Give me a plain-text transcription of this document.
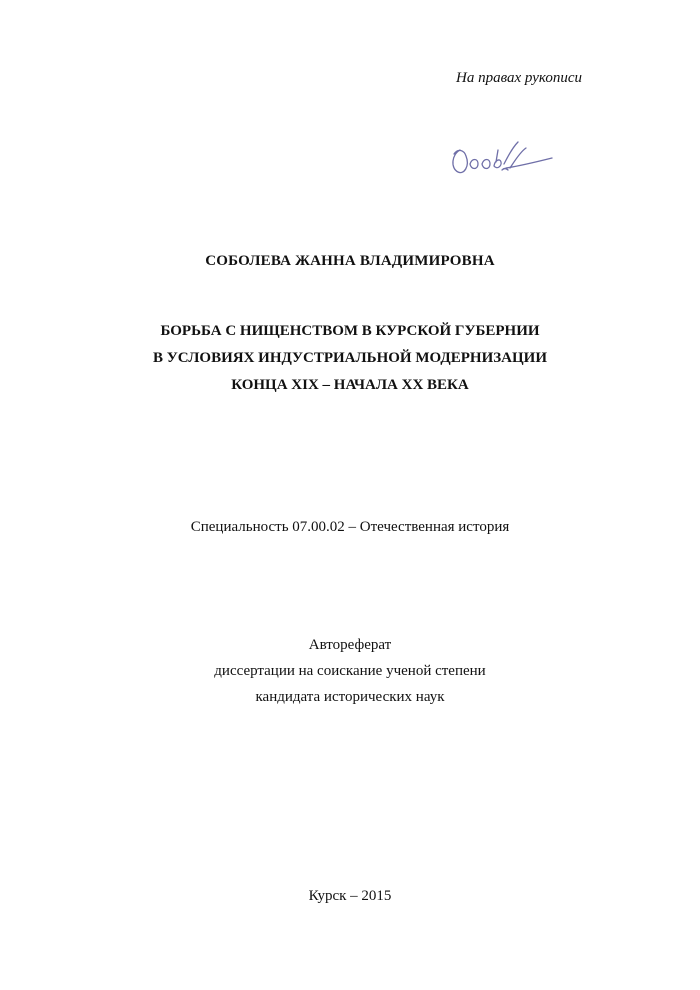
На правах рукописи
СОБОЛЕВА ЖАННА ВЛАДИМИРОВНА
БОРЬБА С НИЩЕНСТВОМ В КУРСКОЙ ГУБЕРНИИ
В УСЛОВИЯХ ИНДУСТРИАЛЬНОЙ МОДЕРНИЗАЦИИ
КОНЦА XIX – НАЧАЛА XX ВЕКА
Специальность 07.00.02 – Отечественная история
Автореферат
диссертации на соискание ученой степени
кандидата исторических наук
Курск – 2015
